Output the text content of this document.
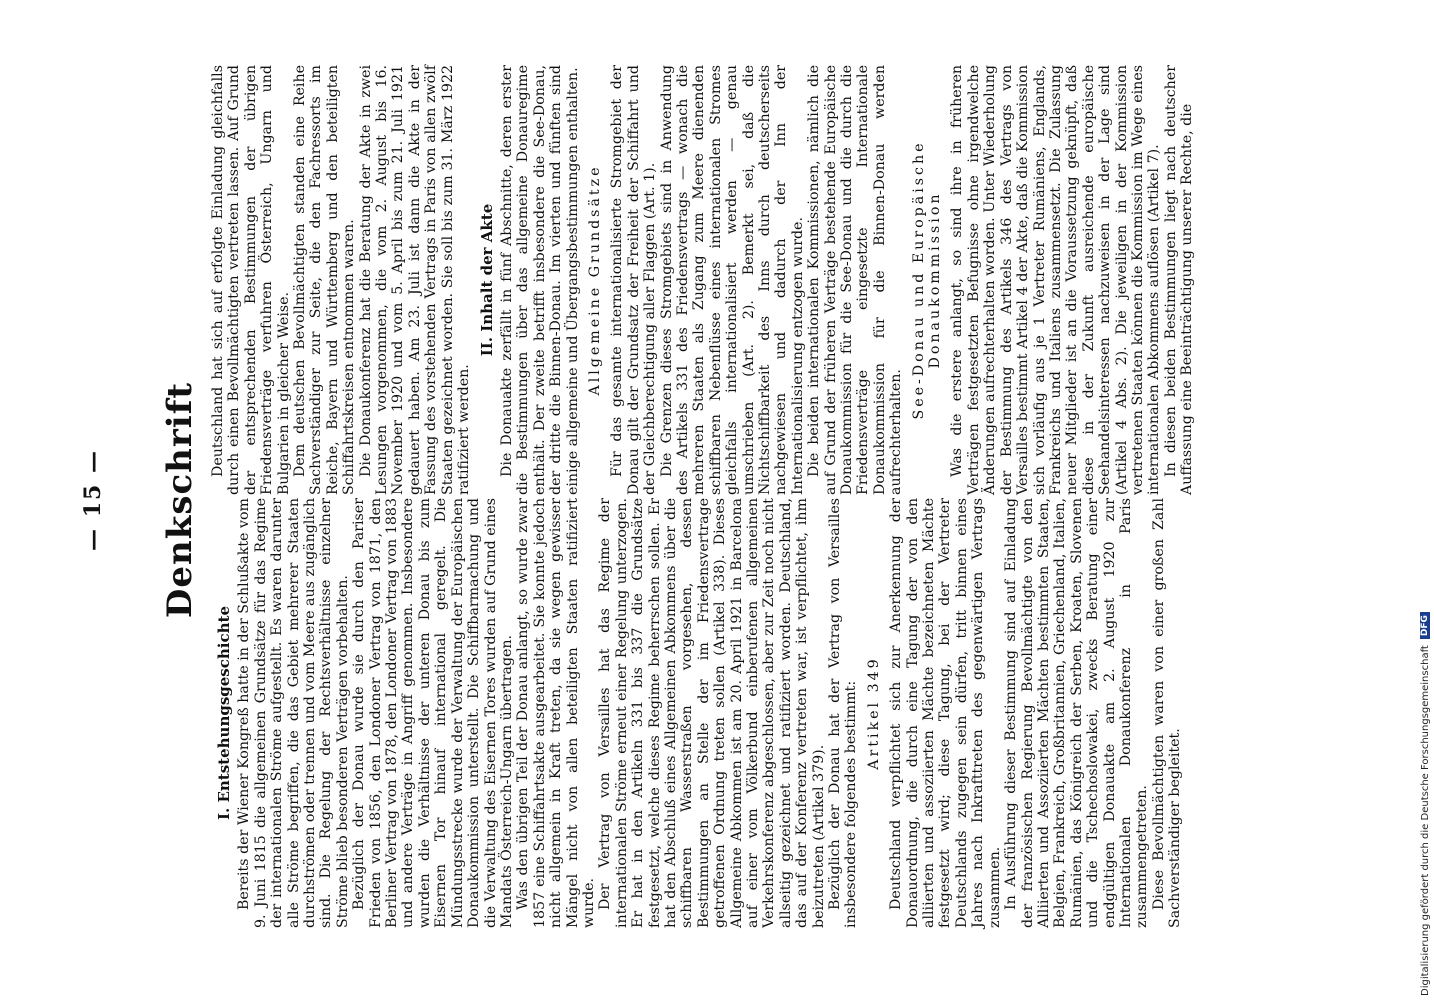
— 15 — Denkschrift
I. Entstehungsgeschichte Bereits der Wiener Kongreß hatte in der Schlußakte vom 9. Juni 1815 die allgemeinen Grundsätze für das Regime der internationalen Ströme aufgestellt. Es waren darunter alle Ströme begriffen, die das Gebiet mehrerer Staaten durchströmen oder trennen und vom Meere aus zugänglich sind. Die Regelung der Rechtsverhältnisse einzelner Ströme blieb besonderen Verträgen vorbehalten. Bezüglich der Donau wurde sie durch den Pariser Frieden von 1856, den Londoner Vertrag von 1871, den Berliner Vertrag von 1878, den Londoner Vertrag von 1883 und andere Verträge in Angriff genommen. Insbesondere wurden die Verhältnisse der unteren Donau bis zum Eisernen Tor hinauf international geregelt. Die Mündungsstrecke wurde der Verwaltung der Europäischen Donaukommission unterstellt. Die Schiffbarmachung und die Verwaltung des Eisernen Tores wurden auf Grund eines Mandats Österreich-Ungarn übertragen. Was den übrigen Teil der Donau anlangt, so wurde zwar 1857 eine Schiffahrtsakte ausgearbeitet. Sie konnte jedoch nicht allgemein in Kraft treten, da sie wegen gewisser Mängel nicht von allen beteiligten Staaten ratifiziert wurde. Der Vertrag von Versailles hat das Regime der internationalen Ströme erneut einer Regelung unterzogen. Er hat in den Artikeln 331 bis 337 die Grundsätze festgesetzt, welche dieses Regime beherrschen sollen. Er hat den Abschluß eines Allgemeinen Abkommens über die schiffbaren Wasserstraßen vorgesehen, dessen Bestimmungen an Stelle der im Friedensvertrage getroffenen Ordnung treten sollen (Artikel 338). Dieses Allgemeine Abkommen ist am 20. April 1921 in Barcelona auf einer vom Völkerbund einberufenen allgemeinen Verkehrskonferenz abgeschlossen, aber zur Zeit noch nicht allseitig gezeichnet und ratifiziert worden. Deutschland, das auf der Konferenz vertreten war, ist verpflichtet, ihm beizutreten (Artikel 379). Bezüglich der Donau hat der Vertrag von Versailles insbesondere folgendes bestimmt: Artikel 349 Deutschland verpflichtet sich zur Anerkennung der Donauordnung, die durch eine Tagung der von den alliierten und assoziierten Mächte bezeichneten Mächte festgesetzt wird; diese Tagung, bei der Vertreter Deutschlands zugegen sein dürfen, tritt binnen eines Jahres nach Inkrafttreten des gegenwärtigen Vertrags zusammen. In Ausführung dieser Bestimmung sind auf Einladung der französischen Regierung Bevollmächtigte von den Alliierten und Assoziierten Mächten bestimmten Staaten, Belgien, Frankreich, Großbritannien, Griechenland, Italien, Rumänien, das Königreich der Serben, Kroaten, Slovenen und die Tschechoslowakei, zwecks Beratung einer endgültigen Donauakte am 2. August 1920 zur Internationalen Donaukonferenz in Paris zusammengetreten. Diese Bevollmächtigten waren von einer großen Zahl Sachverständiger begleitet.

Deutschland hat sich auf erfolgte Einladung gleichfalls durch einen Bevollmächtigten vertreten lassen. Auf Grund der entsprechenden Bestimmungen der übrigen Friedensverträge verfuhren Österreich, Ungarn und Bulgarien in gleicher Weise. Dem deutschen Bevollmächtigten standen eine Reihe Sachverständiger zur Seite, die den Fachressorts im Reiche, Bayern und Württemberg und den beteiligten Schiffahrtskreisen entnommen waren. Die Donaukonferenz hat die Beratung der Akte in zwei Lesungen vorgenommen, die vom 2. August bis 16. November 1920 und vom 5. April bis zum 21. Juli 1921 gedauert haben. Am 23. Juli ist dann die Akte in der Fassung des vorstehenden Vertrags in Paris von allen zwölf Staaten gezeichnet worden. Sie soll bis zum 31. März 1922 ratifiziert werden.

II. Inhalt der Akte Die Donauakte zerfällt in fünf Abschnitte, deren erster die Bestimmungen über das allgemeine Donauregime enthält. Der zweite betrifft insbesondere die See-Donau, der dritte die Binnen-Donau. Im vierten und fünften sind einige allgemeine und Übergangsbestimmungen enthalten. Allgemeine Grundsätze Für das gesamte internationalisierte Stromgebiet der Donau gilt der Grundsatz der Freiheit der Schiffahrt und der Gleichberechtigung aller Flaggen (Art. 1). Die Grenzen dieses Stromgebiets sind in Anwendung des Artikels 331 des Friedensvertrags — wonach die mehreren Staaten als Zugang zum Meere dienenden schiffbaren Nebenflüsse eines internationalen Stromes gleichfalls internationalisiert werden — genau umschrieben (Art. 2). Bemerkt sei, daß die Nichtschiffbarkeit des Inns durch deutscherseits nachgewiesen und dadurch der Inn der Internationalisierung entzogen wurde. Die beiden internationalen Kommissionen, nämlich die auf Grund der früheren Verträge bestehende Europäische Donaukommission für die See-Donau und die durch die Friedensverträge eingesetzte Internationale Donaukommission für die Binnen-Donau werden aufrechterhalten.

See-Donau und Europäische Donaukommission Was die erstere anlangt, so sind ihre in früheren Verträgen festgesetzten Befugnisse ohne irgendwelche Änderungen aufrechterhalten worden. Unter Wiederholung der Bestimmung des Artikels 346 des Vertrags von Versailles bestimmt Artikel 4 der Akte, daß die Kommission sich vorläufig aus je 1 Vertreter Rumäniens, Englands, Frankreichs und Italiens zusammensetzt. Die Zulassung neuer Mitglieder ist an die Voraussetzung geknüpft, daß diese in der Zukunft ausreichende europäische Seehandelsinteressen nachzuweisen in der Lage sind (Artikel 4 Abs. 2). Die jeweiligen in der Kommission vertretenen Staaten können die Kommission im Wege eines internationalen Abkommens auflösen (Artikel 7). In diesen beiden Bestimmungen liegt nach deutscher Auffassung eine Beeinträchtigung unserer Rechte, die

Digitalisierung gefördert durch die Deutsche Forschungsgemeinschaft
DFG
